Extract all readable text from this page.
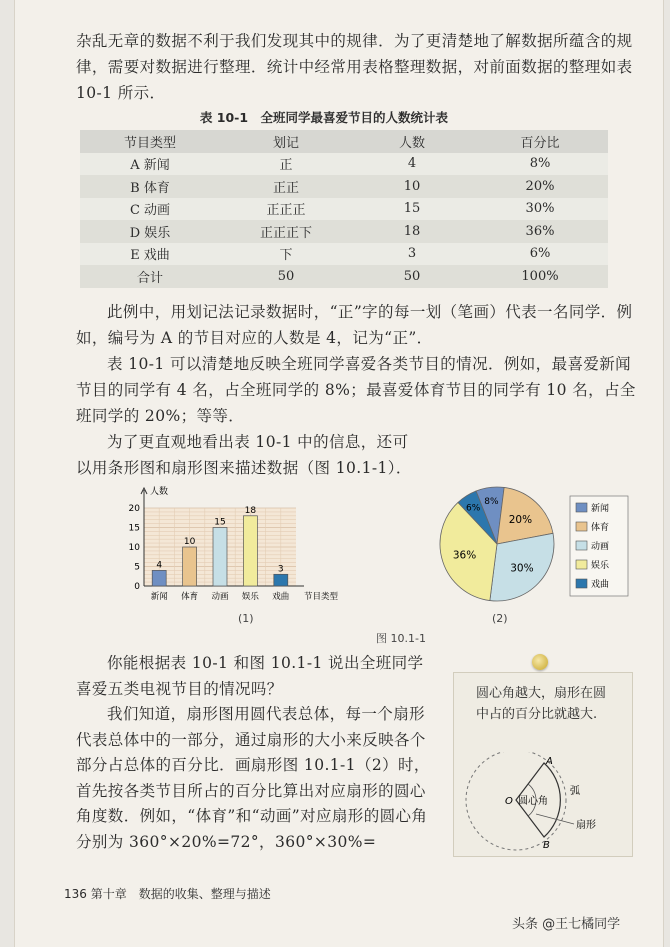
杂乱无章的数据不利于我们发现其中的规律．为了更清楚地了解数据所蕴含的规律，需要对数据进行整理．统计中经常用表格整理数据，对前面数据的整理如表 10-1 所示．
表 10-1　全班同学最喜爱节目的人数统计表
节目类型	划记	人数	百分比
A 新闻	正	4	8%
B 体育	正正	10	20%
C 动画	正正正	15	30%
D 娱乐	正正正下	18	36%
E 戏曲	下	3	6%
合计	50	50	100%
此例中，用划记法记录数据时，“正”字的每一划（笔画）代表一名同学．例如，编号为 A 的节目对应的人数是 4，记为“正”．
表 10-1 可以清楚地反映全班同学喜爱各类节目的情况．例如，最喜爱新闻节目的同学有 4 名，占全班同学的 8%；最喜爱体育节目的同学有 10 名，占全班同学的 20%；等等．
为了更直观地看出表 10-1 中的信息，还可以用条形图和扇形图来描述数据（图 10.1-1）．
人数
节目类型
0
5
10
15
20
4
新闻
10
体育
15
动画
18
娱乐
3
戏曲
8%
20%
30%
36%
6%	新闻
体育
动画
娱乐
戏曲
(1)	(2)
图 10.1-1
你能根据表 10-1 和图 10.1-1 说出全班同学喜爱五类电视节目的情况吗？
我们知道，扇形图用圆代表总体，每一个扇形代表总体中的一部分，通过扇形的大小来反映各个部分占总体的百分比．画扇形图 10.1-1（2）时，首先按各类节目所占的百分比算出对应扇形的圆心角度数．例如，“体育”和“动画”对应扇形的圆心角分别为 360°×20%=72°，360°×30%=
圆心角越大，扇形在圆中占的百分比就越大.
A
O
B
圆心角
弧
扇形
136 第十章　数据的收集、整理与描述
头条 @王七橘同学
